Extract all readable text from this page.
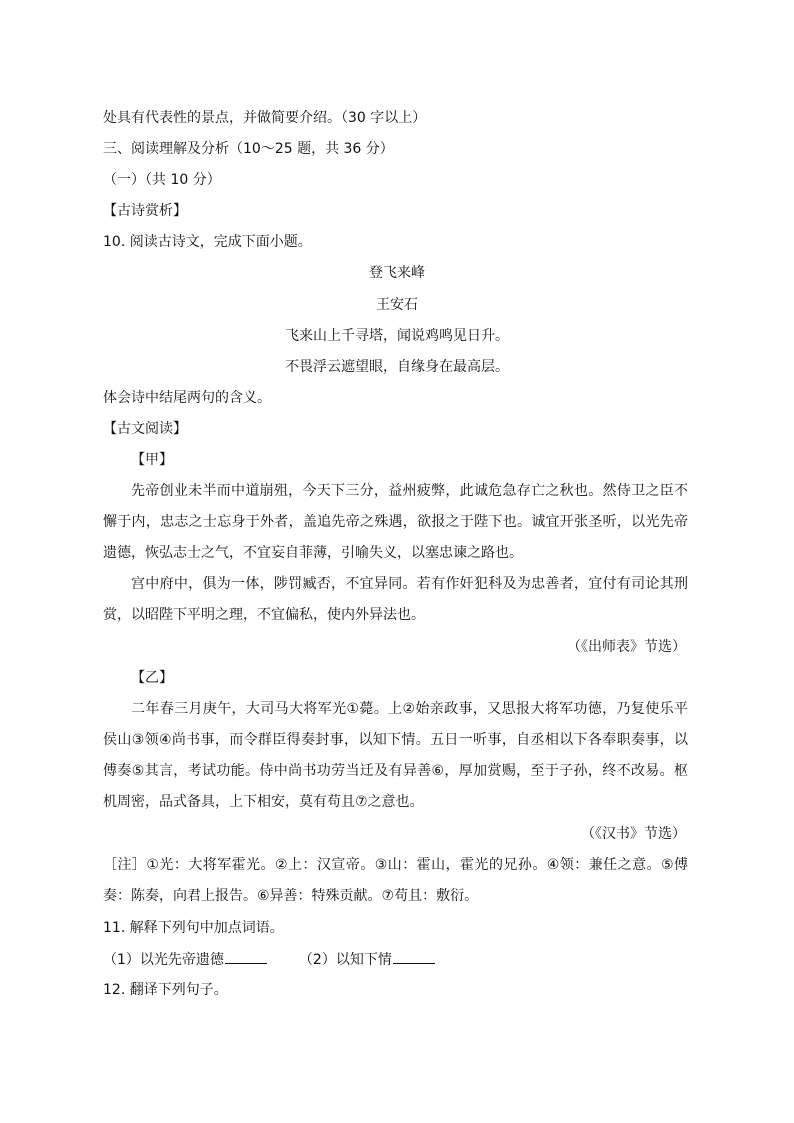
处具有代表性的景点，并做简要介绍。（30 字以上）
三、阅读理解及分析（10～25 题，共 36 分）
（一）（共 10 分）
【古诗赏析】
10. 阅读古诗文，完成下面小题。
登飞来峰
王安石
飞来山上千寻塔，闻说鸡鸣见日升。
不畏浮云遮望眼，自缘身在最高层。
体会诗中结尾两句的含义。
【古文阅读】
【甲】

先帝创业未半而中道崩殂，今天下三分，益州疲弊，此诚危急存亡之秋也。然侍卫之臣不懈于内，忠志之士忘身于外者，盖追先帝之殊遇，欲报之于陛下也。诚宜开张圣听，以光先帝遗德，恢弘志士之气，不宜妄自菲薄，引喻失义，以塞忠谏之路也。

宫中府中，俱为一体，陟罚臧否，不宜异同。若有作奸犯科及为忠善者，宜付有司论其刑赏，以昭陛下平明之理，不宜偏私，使内外异法也。

（《出师表》节选）
【乙】

二年春三月庚午，大司马大将军光①薨。上②始亲政事，又思报大将军功德，乃复使乐平侯山③领④尚书事，而令群臣得奏封事，以知下情。五日一听事，自丞相以下各奉职奏事，以傅奏⑤其言，考试功能。侍中尚书功劳当迁及有异善⑥，厚加赏赐，至于子孙，终不改易。枢机周密，品式备具，上下相安，莫有苟且⑦之意也。

（《汉书》节选）

［注］①光：大将军霍光。②上：汉宣帝。③山：霍山，霍光的兄孙。④领：兼任之意。⑤傅奏：陈奏，向君上报告。⑥异善：特殊贡献。⑦苟且：敷衍。

11. 解释下列句中加点词语。
（1）以光先帝遗德	（2）以知下情
12. 翻译下列句子。
